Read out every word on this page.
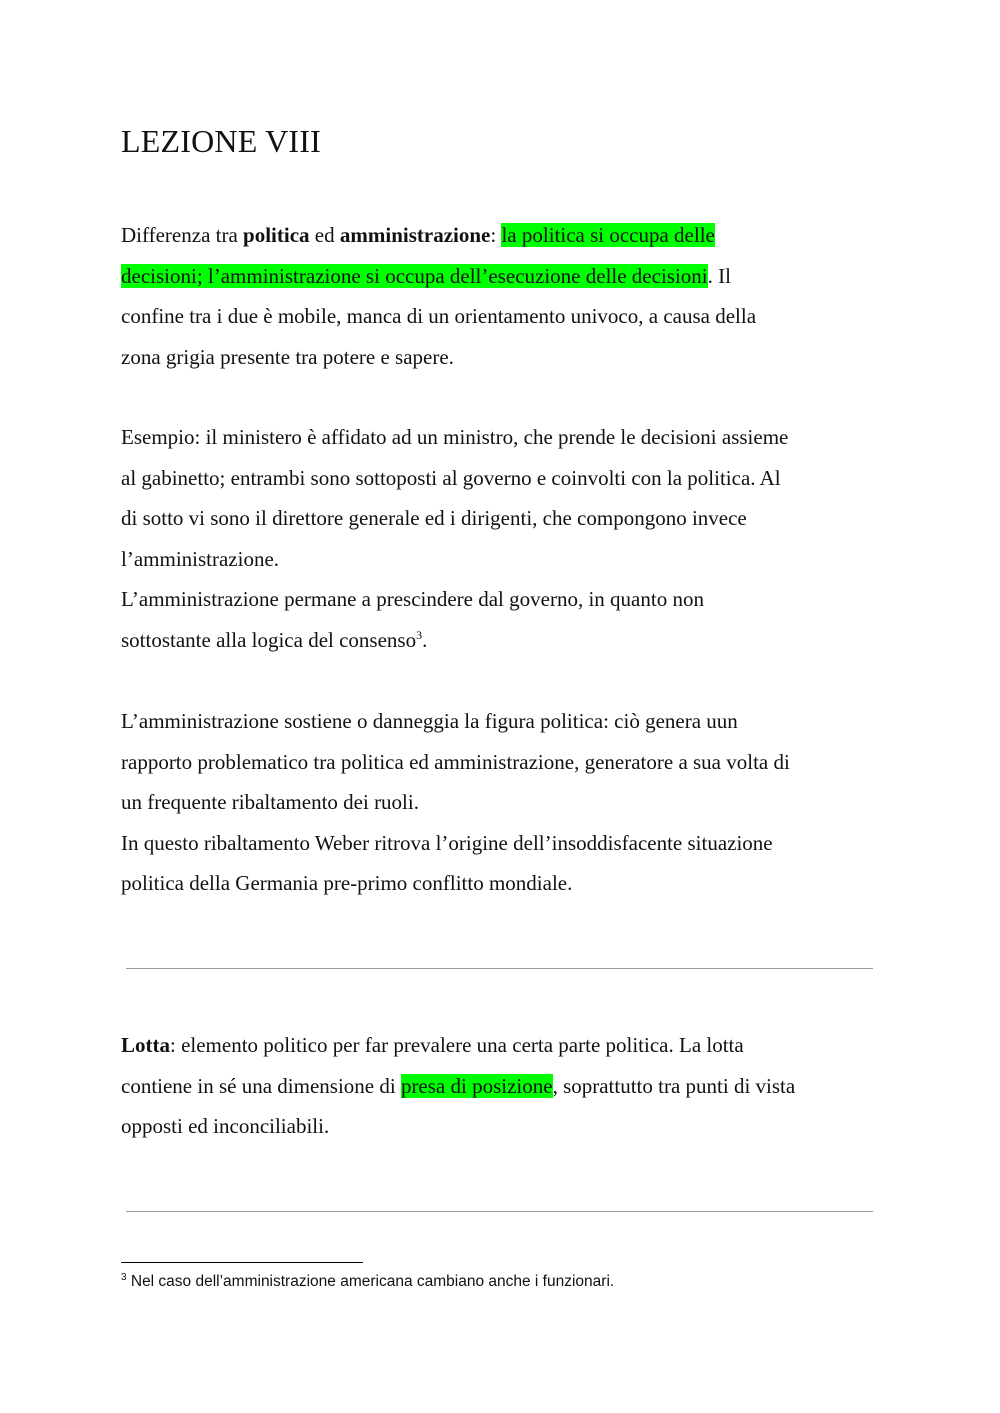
LEZIONE VIII

Differenza tra politica ed amministrazione: la politica si occupa delle
decisioni; l’amministrazione si occupa dell’esecuzione delle decisioni. Il
confine tra i due è mobile, manca di un orientamento univoco, a causa della
zona grigia presente tra potere e sapere.

Esempio: il ministero è affidato ad un ministro, che prende le decisioni assieme
al gabinetto; entrambi sono sottoposti al governo e coinvolti con la politica. Al
di sotto vi sono il direttore generale ed i dirigenti, che compongono invece
l’amministrazione.
L’amministrazione permane a prescindere dal governo, in quanto non
sottostante alla logica del consenso$^3$.

L’amministrazione sostiene o danneggia la figura politica: ciò genera uun
rapporto problematico tra politica ed amministrazione, generatore a sua volta di
un frequente ribaltamento dei ruoli.
In questo ribaltamento Weber ritrova l’origine dell’insoddisfacente situazione
politica della Germania pre-primo conflitto mondiale.

Lotta: elemento politico per far prevalere una certa parte politica. La lotta
contiene in sé una dimensione di presa di posizione, soprattutto tra punti di vista
opposti ed inconciliabili.

$^3$ Nel caso dell’amministrazione americana cambiano anche i funzionari.
